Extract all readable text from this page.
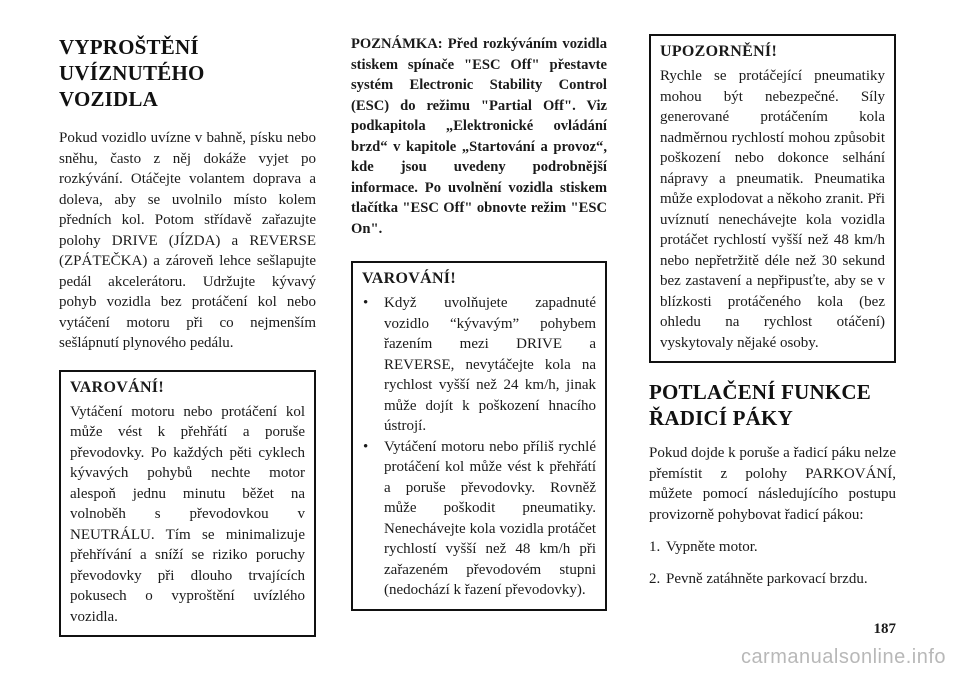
VYPROŠTĚNÍ
UVÍZNUTÉHO
VOZIDLA

Pokud vozidlo uvízne v bahně, písku nebo sněhu, často z něj dokáže vyjet po rozkývání. Otáčejte volantem doprava a doleva, aby se uvolnilo místo kolem předních kol. Potom střídavě zařazujte polohy DRIVE (JÍZDA) a REVERSE (ZPÁTEČKA) a zároveň lehce sešlapujte pedál akcelerátoru. Udržujte kývavý pohyb vozidla bez protáčení kol nebo vytáčení motoru při co nejmenším sešlápnutí plynového pedálu.

VAROVÁNÍ!

Vytáčení motoru nebo protáčení kol může vést k přehřátí a poruše převodovky. Po každých pěti cyklech kývavých pohybů nechte motor alespoň jednu minutu běžet na volnoběh s převodovkou v NEUTRÁLU. Tím se minimalizuje přehřívání a sníží se riziko poruchy převodovky při dlouho trvajících pokusech o vyproštění uvízlého vozidla.

POZNÁMKA: Před rozkýváním vozidla stiskem spínače "ESC Off" přestavte systém Electronic Stability Control (ESC) do režimu "Partial Off". Viz podkapitola „Elektronické ovládání brzd“ v kapitole „Startování a provoz“, kde jsou uvedeny podrobnější informace. Po uvolnění vozidla stiskem tlačítka "ESC Off" obnovte režim "ESC On".

VAROVÁNÍ!
• Když uvolňujete zapadnuté vozidlo “kývavým” pohybem řazením mezi DRIVE a REVERSE, nevytáčejte kola na rychlost vyšší než 24 km/h, jinak může dojít k poškození hnacího ústrojí.
• Vytáčení motoru nebo příliš rychlé protáčení kol může vést k přehřátí a poruše převodovky. Rovněž může poškodit pneumatiky. Nenechávejte kola vozidla protáčet rychlostí vyšší než 48 km/h při zařazeném převodovém stupni (nedochází k řazení převodovky).
UPOZORNĚNÍ!

Rychle se protáčející pneumatiky mohou být nebezpečné. Síly generované protáčením kola nadměrnou rychlostí mohou způsobit poškození nebo dokonce selhání nápravy a pneumatik. Pneumatika může explodovat a někoho zranit. Při uvíznutí nenechávejte kola vozidla protáčet rychlostí vyšší než 48 km/h nebo nepřetržitě déle než 30 sekund bez zastavení a nepřipusťte, aby se v blízkosti protáčeného kola (bez ohledu na rychlost otáčení) vyskytovaly nějaké osoby.

POTLAČENÍ FUNKCE
ŘADICÍ PÁKY

Pokud dojde k poruše a řadicí páku nelze přemístit z polohy PARKOVÁNÍ, můžete pomocí následujícího postupu provizorně pohybovat řadicí pákou:

1. Vypněte motor.
2. Pevně zatáhněte parkovací brzdu.
187
carmanualsonline.info
